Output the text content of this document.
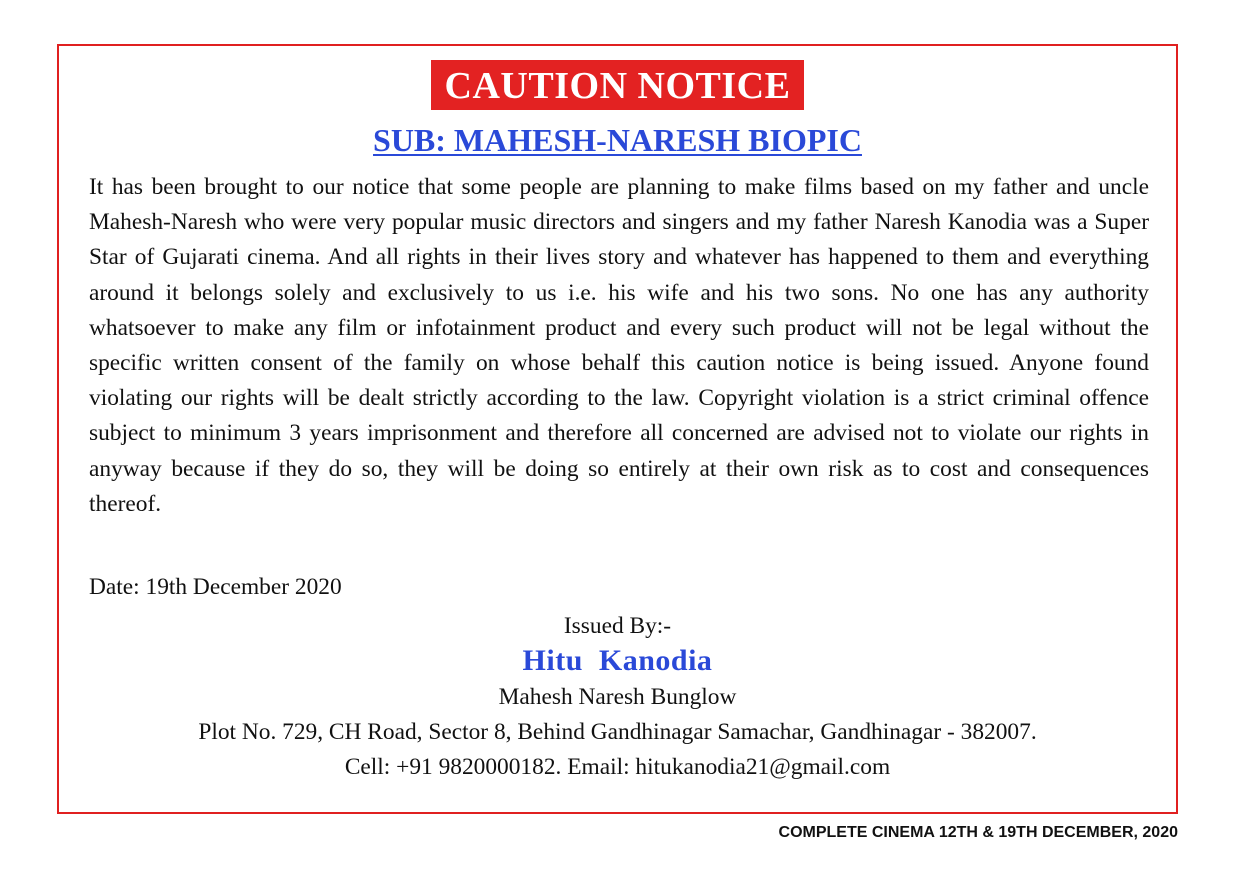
CAUTION NOTICE
SUB: MAHESH-NARESH BIOPIC

It has been brought to our notice that some people are planning to make films based on my father and uncle Mahesh-Naresh who were very popular music directors and singers and my father Naresh Kanodia was a Super Star of Gujarati cinema. And all rights in their lives story and whatever has happened to them and everything around it belongs solely and exclusively to us i.e. his wife and his two sons. No one has any authority whatsoever to make any film or infotainment product and every such product will not be legal without the specific written consent of the family on whose behalf this caution notice is being issued. Anyone found violating our rights will be dealt strictly according to the law. Copyright violation is a strict criminal offence subject to minimum 3 years imprisonment and therefore all concerned are advised not to violate our rights in anyway because if they do so, they will be doing so entirely at their own risk as to cost and consequences thereof.

Date: 19th December 2020
Issued By:-
Hitu  Kanodia
Mahesh Naresh Bunglow
Plot No. 729, CH Road, Sector 8, Behind Gandhinagar Samachar, Gandhinagar - 382007.
Cell: +91 9820000182. Email: hitukanodia21@gmail.com
COMPLETE CINEMA 12TH & 19TH DECEMBER, 2020
